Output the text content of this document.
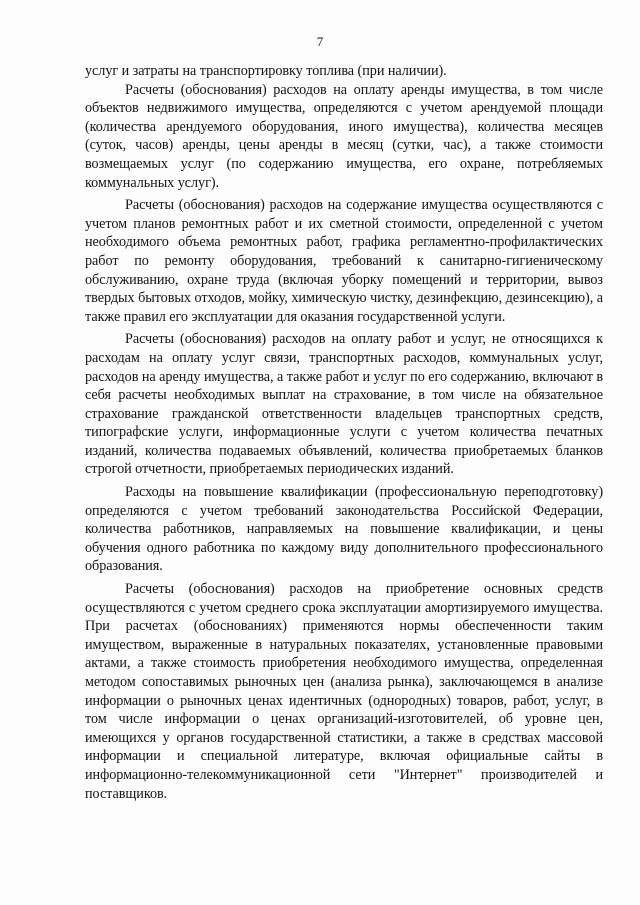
7

услуг и затраты на транспортировку топлива (при наличии).

Расчеты (обоснования) расходов на оплату аренды имущества, в том числе объектов недвижимого имущества, определяются с учетом арендуемой площади (количества арендуемого оборудования, иного имущества), количества месяцев (суток, часов) аренды, цены аренды в месяц (сутки, час), а также стоимости возмещаемых услуг (по содержанию имущества, его охране, потребляемых коммунальных услуг).

Расчеты (обоснования) расходов на содержание имущества осуществляются с учетом планов ремонтных работ и их сметной стоимости, определенной с учетом необходимого объема ремонтных работ, графика регламентно-профилактических работ по ремонту оборудования, требований к санитарно-гигиеническому обслуживанию, охране труда (включая уборку помещений и территории, вывоз твердых бытовых отходов, мойку, химическую чистку, дезинфекцию, дезинсекцию), а также правил его эксплуатации для оказания государственной услуги.

Расчеты (обоснования) расходов на оплату работ и услуг, не относящихся к расходам на оплату услуг связи, транспортных расходов, коммунальных услуг, расходов на аренду имущества, а также работ и услуг по его содержанию, включают в себя расчеты необходимых выплат на страхование, в том числе на обязательное страхование гражданской ответственности владельцев транспортных средств, типографские услуги, информационные услуги с учетом количества печатных изданий, количества подаваемых объявлений, количества приобретаемых бланков строгой отчетности, приобретаемых периодических изданий.

Расходы на повышение квалификации (профессиональную переподготовку) определяются с учетом требований законодательства Российской Федерации, количества работников, направляемых на повышение квалификации, и цены обучения одного работника по каждому виду дополнительного профессионального образования.

Расчеты (обоснования) расходов на приобретение основных средств осуществляются с учетом среднего срока эксплуатации амортизируемого имущества. При расчетах (обоснованиях) применяются нормы обеспеченности таким имуществом, выраженные в натуральных показателях, установленные правовыми актами, а также стоимость приобретения необходимого имущества, определенная методом сопоставимых рыночных цен (анализа рынка), заключающемся в анализе информации о рыночных ценах идентичных (однородных) товаров, работ, услуг, в том числе информации о ценах организаций-изготовителей, об уровне цен, имеющихся у органов государственной статистики, а также в средствах массовой информации и специальной литературе, включая официальные сайты в информационно-телекоммуникационной сети "Интернет" производителей и поставщиков.
